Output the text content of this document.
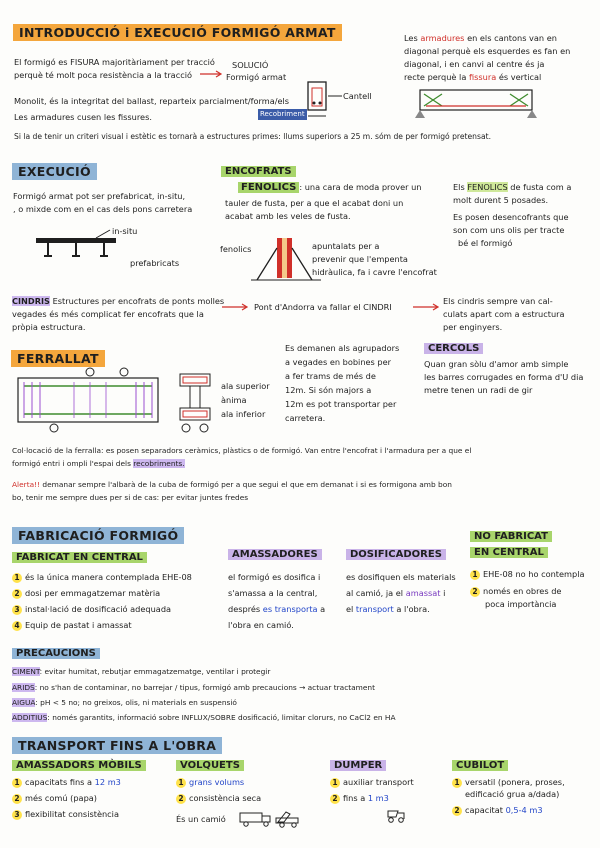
INTRODUCCIÓ i EXECUCIÓ FORMIGÓ ARMAT
El formigó es FISURA majoritàriament per tracció
perquè té molt poca resistència a la tracció
SOLUCIÓ
Formigó armat
Monolit, és la integritat del ballast, reparteix parcialment/forma/els
Les armadures cusen les fissures.
Cantell
Recobriment
Si la de tenir un criteri visual i estètic es tornarà a estructures primes: llums superiors a 25 m. sóm de per formigó pretensat.
Les armadures en els cantons van en
diagonal perquè els esquerdes es fan en
diagonal, i en canvi al centre és ja
recte perquè la fissura és vertical
EXECUCIÓ
Formigó armat pot ser prefabricat, in-situ,
, o mixde com en el cas dels pons carretera
in-situ
prefabricats
ENCOFRATS
FENOLICS : una cara de moda prover un
tauler de fusta, per a que el acabat doni un
acabat amb les veles de fusta.
fenolics	apuntalats per a
prevenir que l'empenta
hidràulica, fa i cavre l'encofrat
Els FENOLICS de fusta com a
molt durent 5 posades.
Es posen desencofrants que
son com uns olis per tracte
bé el formigó
CINDRIS Estructures per encofrats de ponts molles
vegades és més complicat fer encofrats que la
pròpia estructura.
Pont d'Andorra va fallar el CINDRI
Els cindris sempre van cal-
culats apart com a estructura
per enginyers.
FERRALLAT
ala superior
ànima
ala inferior
Es demanen als agrupadors
a vegades en bobines per
a fer trams de més de
12m. Si són majors a
12m es pot transportar per
carretera.
CERCOLS
Quan gran sòlu d'amor amb simple
les barres corrugades en forma d'U dia
metre tenen un radi de gir
Col·locació de la ferralla: es posen separadors ceràmics, plàstics o de formigó. Van entre l'encofrat i l'armadura per a que el
formigó entri i ompli l'espai dels recobriments.
Alerta!! demanar sempre l'albarà de la cuba de formigó per a que segui el que em demanat i si es formigona amb bon
bo, tenir me sempre dues per si de cas: per evitar juntes fredes
FABRICACIÓ FORMIGÓ
FABRICAT EN CENTRAL
1 és la única manera contemplada EHE-08
2 dosi per emmagatzemar matèria
3 instal·lació de dosificació adequada
4 Equip de pastat i amassat
AMASSADORES
el formigó es dosifica i
s'amassa a la central,
després es transporta a
l'obra en camió.
DOSIFICADORES
es dosifiquen els materials
al camió, ja el amassat i
el transport a l'obra.
NO FABRICAT
EN CENTRAL
1 EHE-08 no ho contempla
2 només en obres de
poca importància
PRECAUCIONS
CIMENT: evitar humitat, rebutjar emmagatzematge, ventilar i protegir
ARIDS: no s'han de contaminar, no barrejar / tipus, formigó amb precaucions → actuar tractament
AIGUA: pH < 5 no; no greixos, olis, ni materials en suspensió
ADDITIUS: només garantits, informació sobre INFLUX/SOBRE dosificació, limitar clorurs, no CaCl2 en HA
TRANSPORT FINS A L'OBRA
AMASSADORS MÒBILS
1 capacitats fins a 12 m3
2 més comú (papa)
3 flexibilitat consistència
VOLQUETS
1 grans volums
2 consistència seca
És un camió
DUMPER
1 auxiliar transport
2 fins a 1 m3
CUBILOT
1 versatil (ponera, proses,
edificació grua a/dada)
2 capacitat 0,5-4 m3
